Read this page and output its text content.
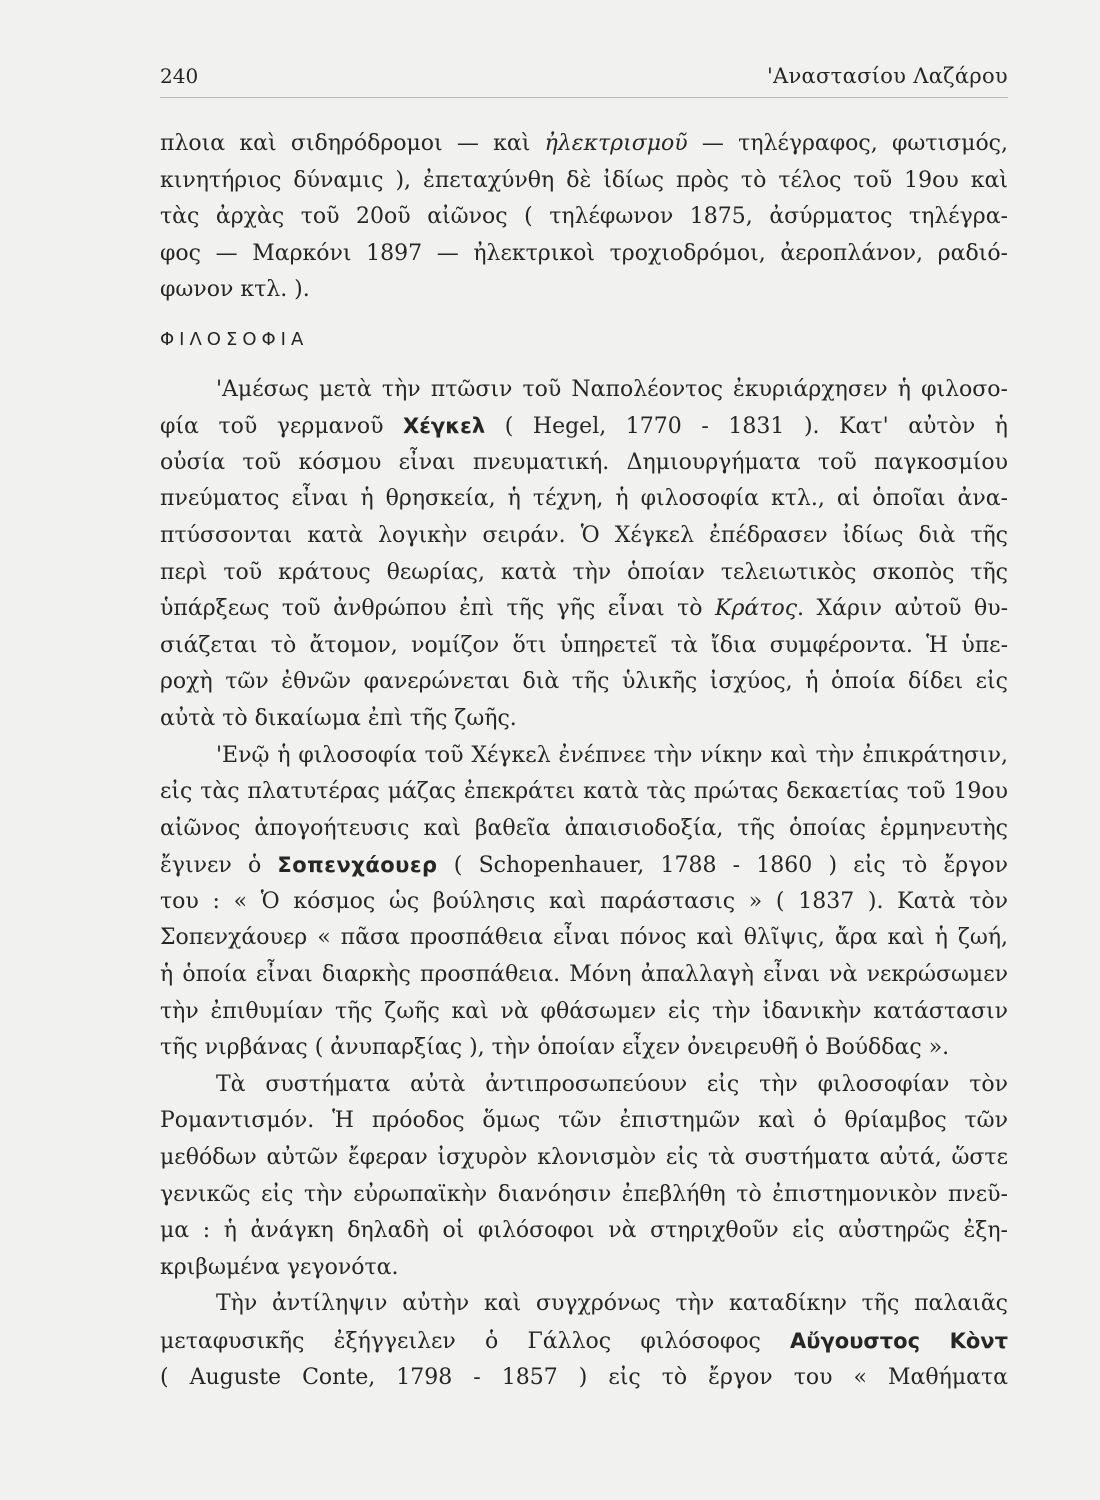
240	'Αναστασίου Λαζάρου
πλοια καὶ σιδηρόδρομοι — καὶ ἠλεκτρισμοῦ — τηλέγραφος, φωτισμός,
κινητήριος δύναμις ), ἐπεταχύνθη δὲ ἰδίως πρὸς τὸ τέλος τοῦ 19ου καὶ
τὰς ἀρχὰς τοῦ 20οῦ αἰῶνος ( τηλέφωνον 1875, ἀσύρματος τηλέγρα-
φος — Μαρκόνι 1897 — ἠλεκτρικοὶ τροχιοδρόμοι, ἀεροπλάνον, ραδιό-
φωνον κτλ. ).
ΦΙΛΟΣΟΦΙΑ
'Αμέσως μετὰ τὴν πτῶσιν τοῦ Ναπολέοντος ἐκυριάρχησεν ἡ φιλοσο-
φία τοῦ γερμανοῦ Χέγκελ ( Hegel, 1770 - 1831 ). Κατ' αὐτὸν ἡ
οὐσία τοῦ κόσμου εἶναι πνευματική. Δημιουργήματα τοῦ παγκοσμίου
πνεύματος εἶναι ἡ θρησκεία, ἡ τέχνη, ἡ φιλοσοφία κτλ., αἱ ὁποῖαι ἀνα-
πτύσσονται κατὰ λογικὴν σειράν. Ὁ Χέγκελ ἐπέδρασεν ἰδίως διὰ τῆς
περὶ τοῦ κράτους θεωρίας, κατὰ τὴν ὁποίαν τελειωτικὸς σκοπὸς τῆς
ὑπάρξεως τοῦ ἀνθρώπου ἐπὶ τῆς γῆς εἶναι τὸ Κράτος. Χάριν αὐτοῦ θυ-
σιάζεται τὸ ἄτομον, νομίζον ὅτι ὑπηρετεῖ τὰ ἴδια συμφέροντα. Ἡ ὑπε-
ροχὴ τῶν ἐθνῶν φανερώνεται διὰ τῆς ὑλικῆς ἰσχύος, ἡ ὁποία δίδει εἰς
αὐτὰ τὸ δικαίωμα ἐπὶ τῆς ζωῆς.
'Ενῷ ἡ φιλοσοφία τοῦ Χέγκελ ἐνέπνεε τὴν νίκην καὶ τὴν ἐπικράτησιν,
εἰς τὰς πλατυτέρας μάζας ἐπεκράτει κατὰ τὰς πρώτας δεκαετίας τοῦ 19ου
αἰῶνος ἀπογοήτευσις καὶ βαθεῖα ἀπαισιοδοξία, τῆς ὁποίας ἑρμηνευτὴς
ἔγινεν ὁ Σοπενχάουερ ( Schopenhauer, 1788 - 1860 ) εἰς τὸ ἔργον
του : « Ὁ κόσμος ὡς βούλησις καὶ παράστασις » ( 1837 ). Κατὰ τὸν
Σοπενχάουερ « πᾶσα προσπάθεια εἶναι πόνος καὶ θλῖψις, ἄρα καὶ ἡ ζωή,
ἡ ὁποία εἶναι διαρκὴς προσπάθεια. Μόνη ἀπαλλαγὴ εἶναι νὰ νεκρώσωμεν
τὴν ἐπιθυμίαν τῆς ζωῆς καὶ νὰ φθάσωμεν εἰς τὴν ἰδανικὴν κατάστασιν
τῆς νιρβάνας ( ἀνυπαρξίας ), τὴν ὁποίαν εἶχεν ὀνειρευθῆ ὁ Βούδδας ».
Τὰ συστήματα αὐτὰ ἀντιπροσωπεύουν εἰς τὴν φιλοσοφίαν τὸν
Ρομαντισμόν. Ἡ πρόοδος ὅμως τῶν ἐπιστημῶν καὶ ὁ θρίαμβος τῶν
μεθόδων αὐτῶν ἔφεραν ἰσχυρὸν κλονισμὸν εἰς τὰ συστήματα αὐτά, ὥστε
γενικῶς εἰς τὴν εὐρωπαϊκὴν διανόησιν ἐπεβλήθη τὸ ἐπιστημονικὸν πνεῦ-
μα : ἡ ἀνάγκη δηλαδὴ οἱ φιλόσοφοι νὰ στηριχθοῦν εἰς αὐστηρῶς ἐξη-
κριβωμένα γεγονότα.
Τὴν ἀντίληψιν αὐτὴν καὶ συγχρόνως τὴν καταδίκην τῆς παλαιᾶς
μεταφυσικῆς ἐξήγγειλεν ὁ Γάλλος φιλόσοφος Αὔγουστος Κὸντ
( Auguste Conte, 1798 - 1857 ) εἰς τὸ ἔργον του « Μαθήματα
